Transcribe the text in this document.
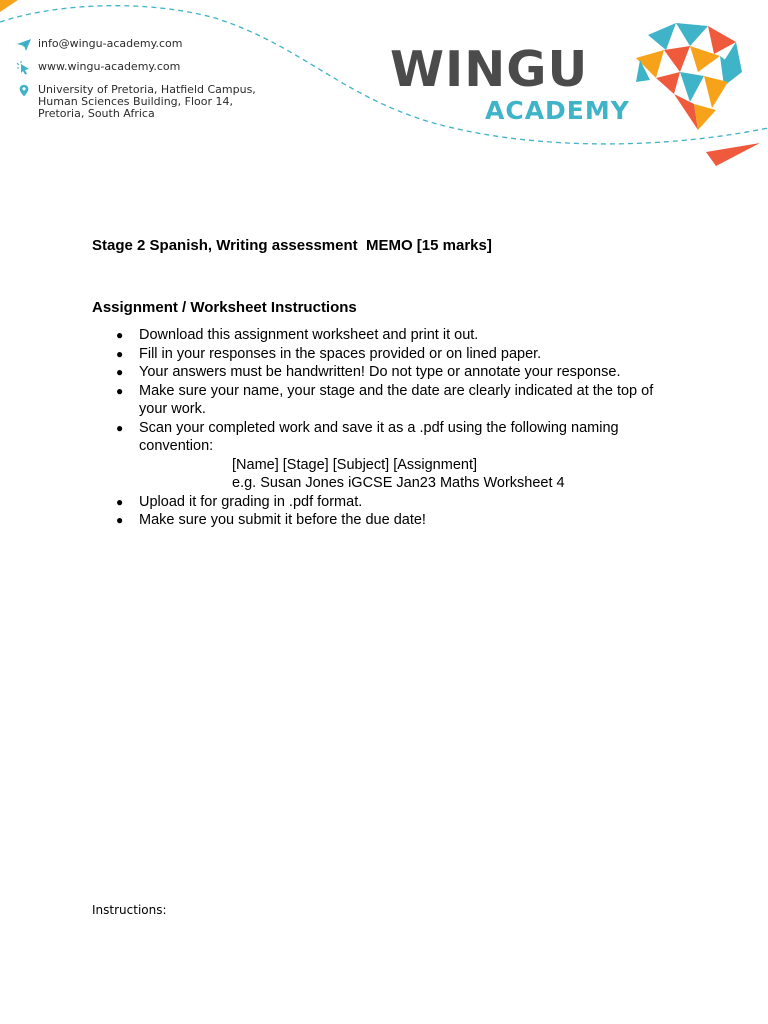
info@wingu-academy.com
www.wingu-academy.com
University of Pretoria, Hatfield Campus,
Human Sciences Building, Floor 14,
Pretoria, South Africa
WINGU
ACADEMY
Stage 2 Spanish, Writing assessment  MEMO [15 marks]
Assignment / Worksheet Instructions
● Download this assignment worksheet and print it out.
● Fill in your responses in the spaces provided or on lined paper.
● Your answers must be handwritten! Do not type or annotate your response.
● Make sure your name, your stage and the date are clearly indicated at the top of your work.
● Scan your completed work and save it as a .pdf using the following naming convention:
[Name] [Stage] [Subject] [Assignment]
e.g. Susan Jones iGCSE Jan23 Maths Worksheet 4
● Upload it for grading in .pdf format.
● Make sure you submit it before the due date!
Instructions:
